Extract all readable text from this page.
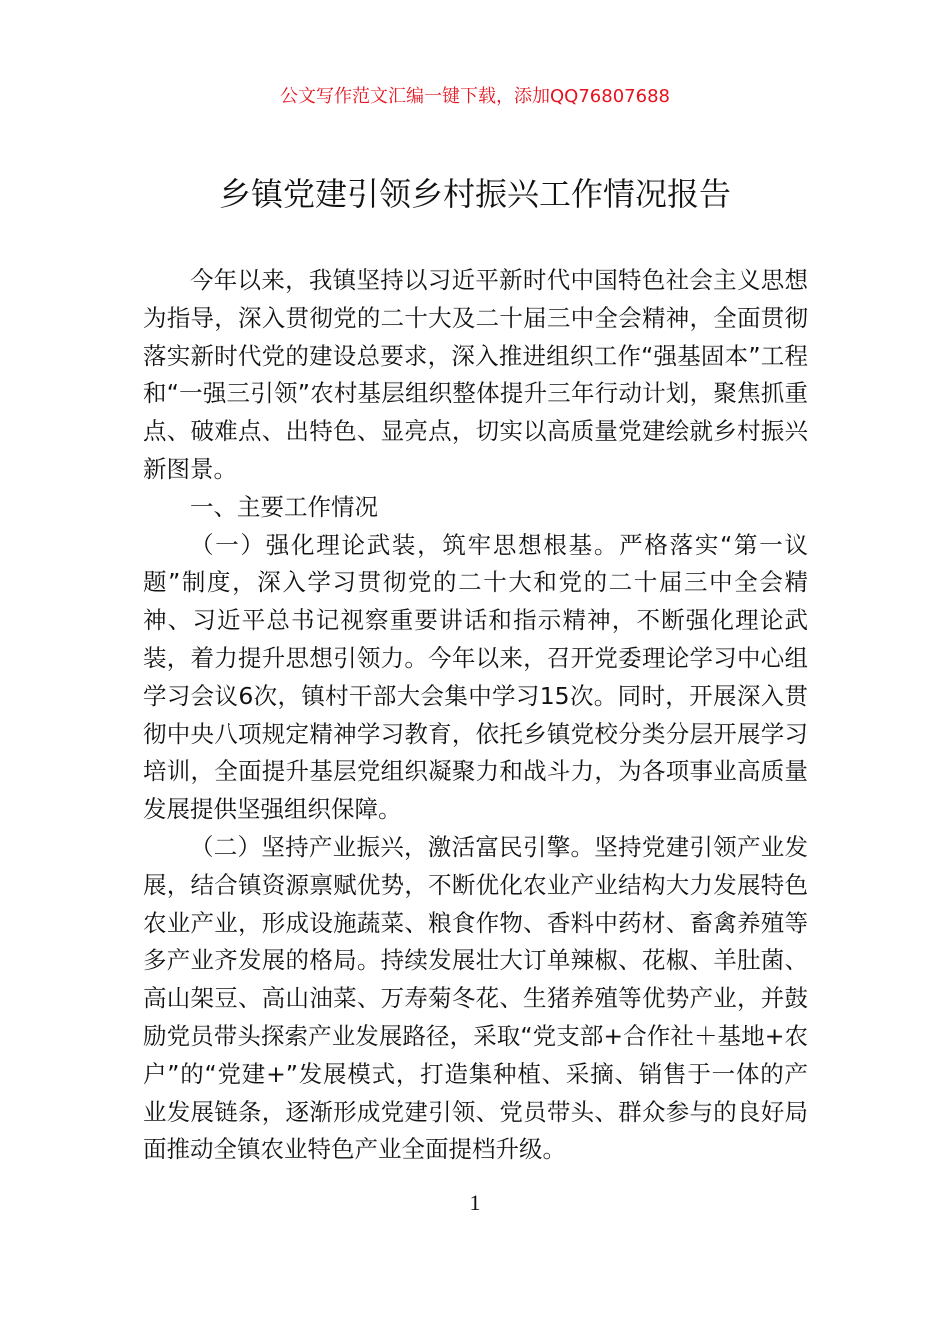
公文写作范文汇编一键下载，添加QQ76807688
乡镇党建引领乡村振兴工作情况报告

今年以来，我镇坚持以习近平新时代中国特色社会主义思想为指导，深入贯彻党的二十大及二十届三中全会精神，全面贯彻落实新时代党的建设总要求，深入推进组织工作“强基固本”工程和“一强三引领”农村基层组织整体提升三年行动计划，聚焦抓重点、破难点、出特色、显亮点，切实以高质量党建绘就乡村振兴新图景。

一、主要工作情况

（一）强化理论武装，筑牢思想根基。严格落实“第一议题”制度，深入学习贯彻党的二十大和党的二十届三中全会精神、习近平总书记视察重要讲话和指示精神，不断强化理论武装，着力提升思想引领力。今年以来，召开党委理论学习中心组学习会议6次，镇村干部大会集中学习15次。同时，开展深入贯彻中央八项规定精神学习教育，依托乡镇党校分类分层开展学习培训，全面提升基层党组织凝聚力和战斗力，为各项事业高质量发展提供坚强组织保障。

（二）坚持产业振兴，激活富民引擎。坚持党建引领产业发展，结合镇资源禀赋优势，不断优化农业产业结构大力发展特色农业产业，形成设施蔬菜、粮食作物、香料中药材、畜禽养殖等多产业齐发展的格局。持续发展壮大订单辣椒、花椒、羊肚菌、高山架豆、高山油菜、万寿菊冬花、生猪养殖等优势产业，并鼓励党员带头探索产业发展路径，采取“党支部+合作社＋基地+农户”的“党建+”发展模式，打造集种植、采摘、销售于一体的产业发展链条，逐渐形成党建引领、党员带头、群众参与的良好局面推动全镇农业特色产业全面提档升级。

1
